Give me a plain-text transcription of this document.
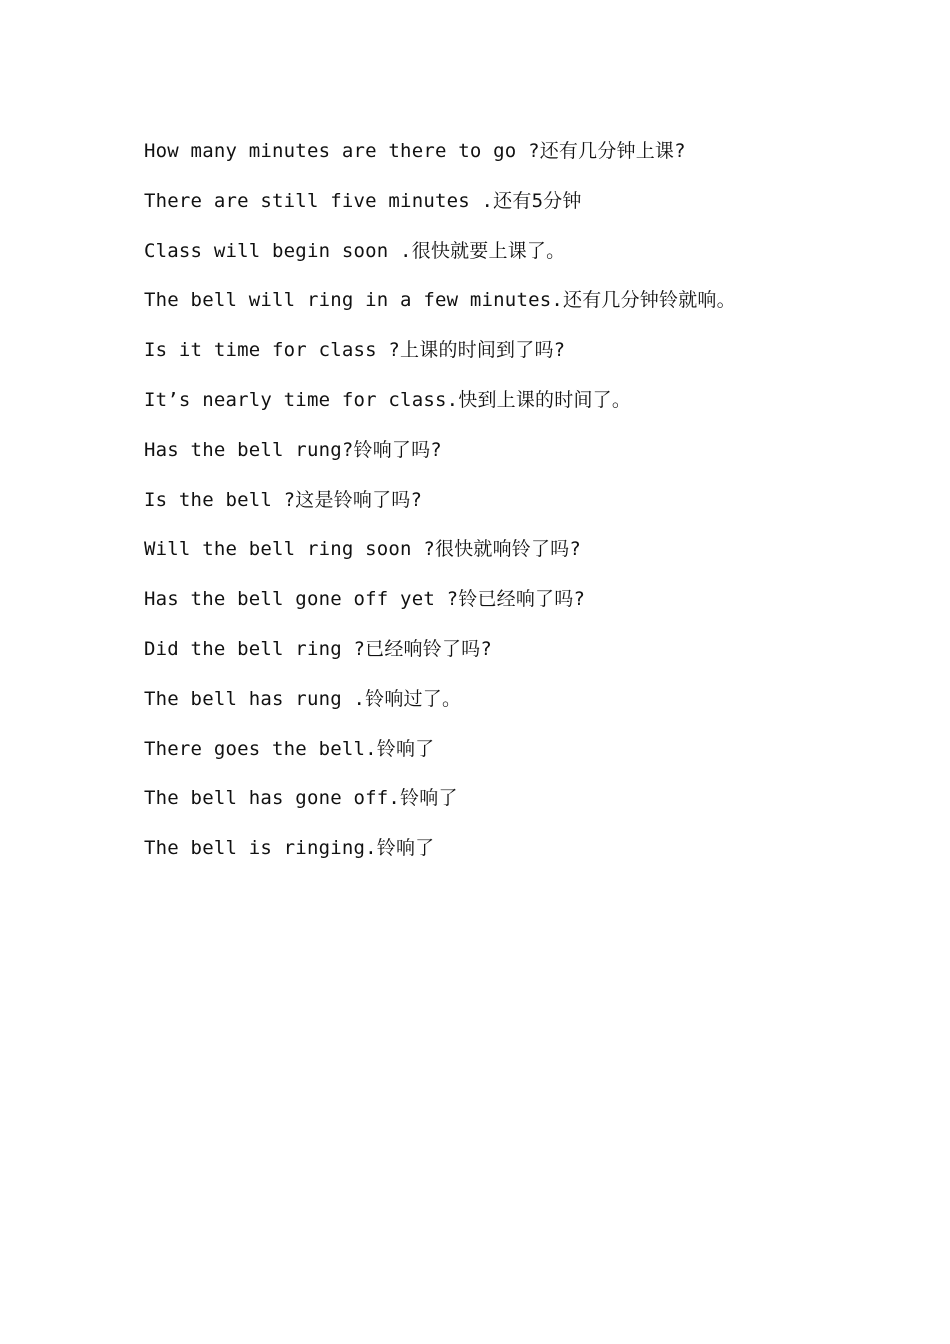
How many minutes are there to go ?还有几分钟上课?
There are still five minutes .还有5分钟
Class will begin soon .很快就要上课了。
The bell will ring in a few minutes.还有几分钟铃就响。
Is it time for class ?上课的时间到了吗?
It’s nearly time for class.快到上课的时间了。
Has the bell rung?铃响了吗?
Is the bell ?这是铃响了吗?
Will the bell ring soon ?很快就响铃了吗?
Has the bell gone off yet ?铃已经响了吗?
Did the bell ring ?已经响铃了吗?
The bell has rung .铃响过了。
There goes the bell.铃响了
The bell has gone off.铃响了
The bell is ringing.铃响了
